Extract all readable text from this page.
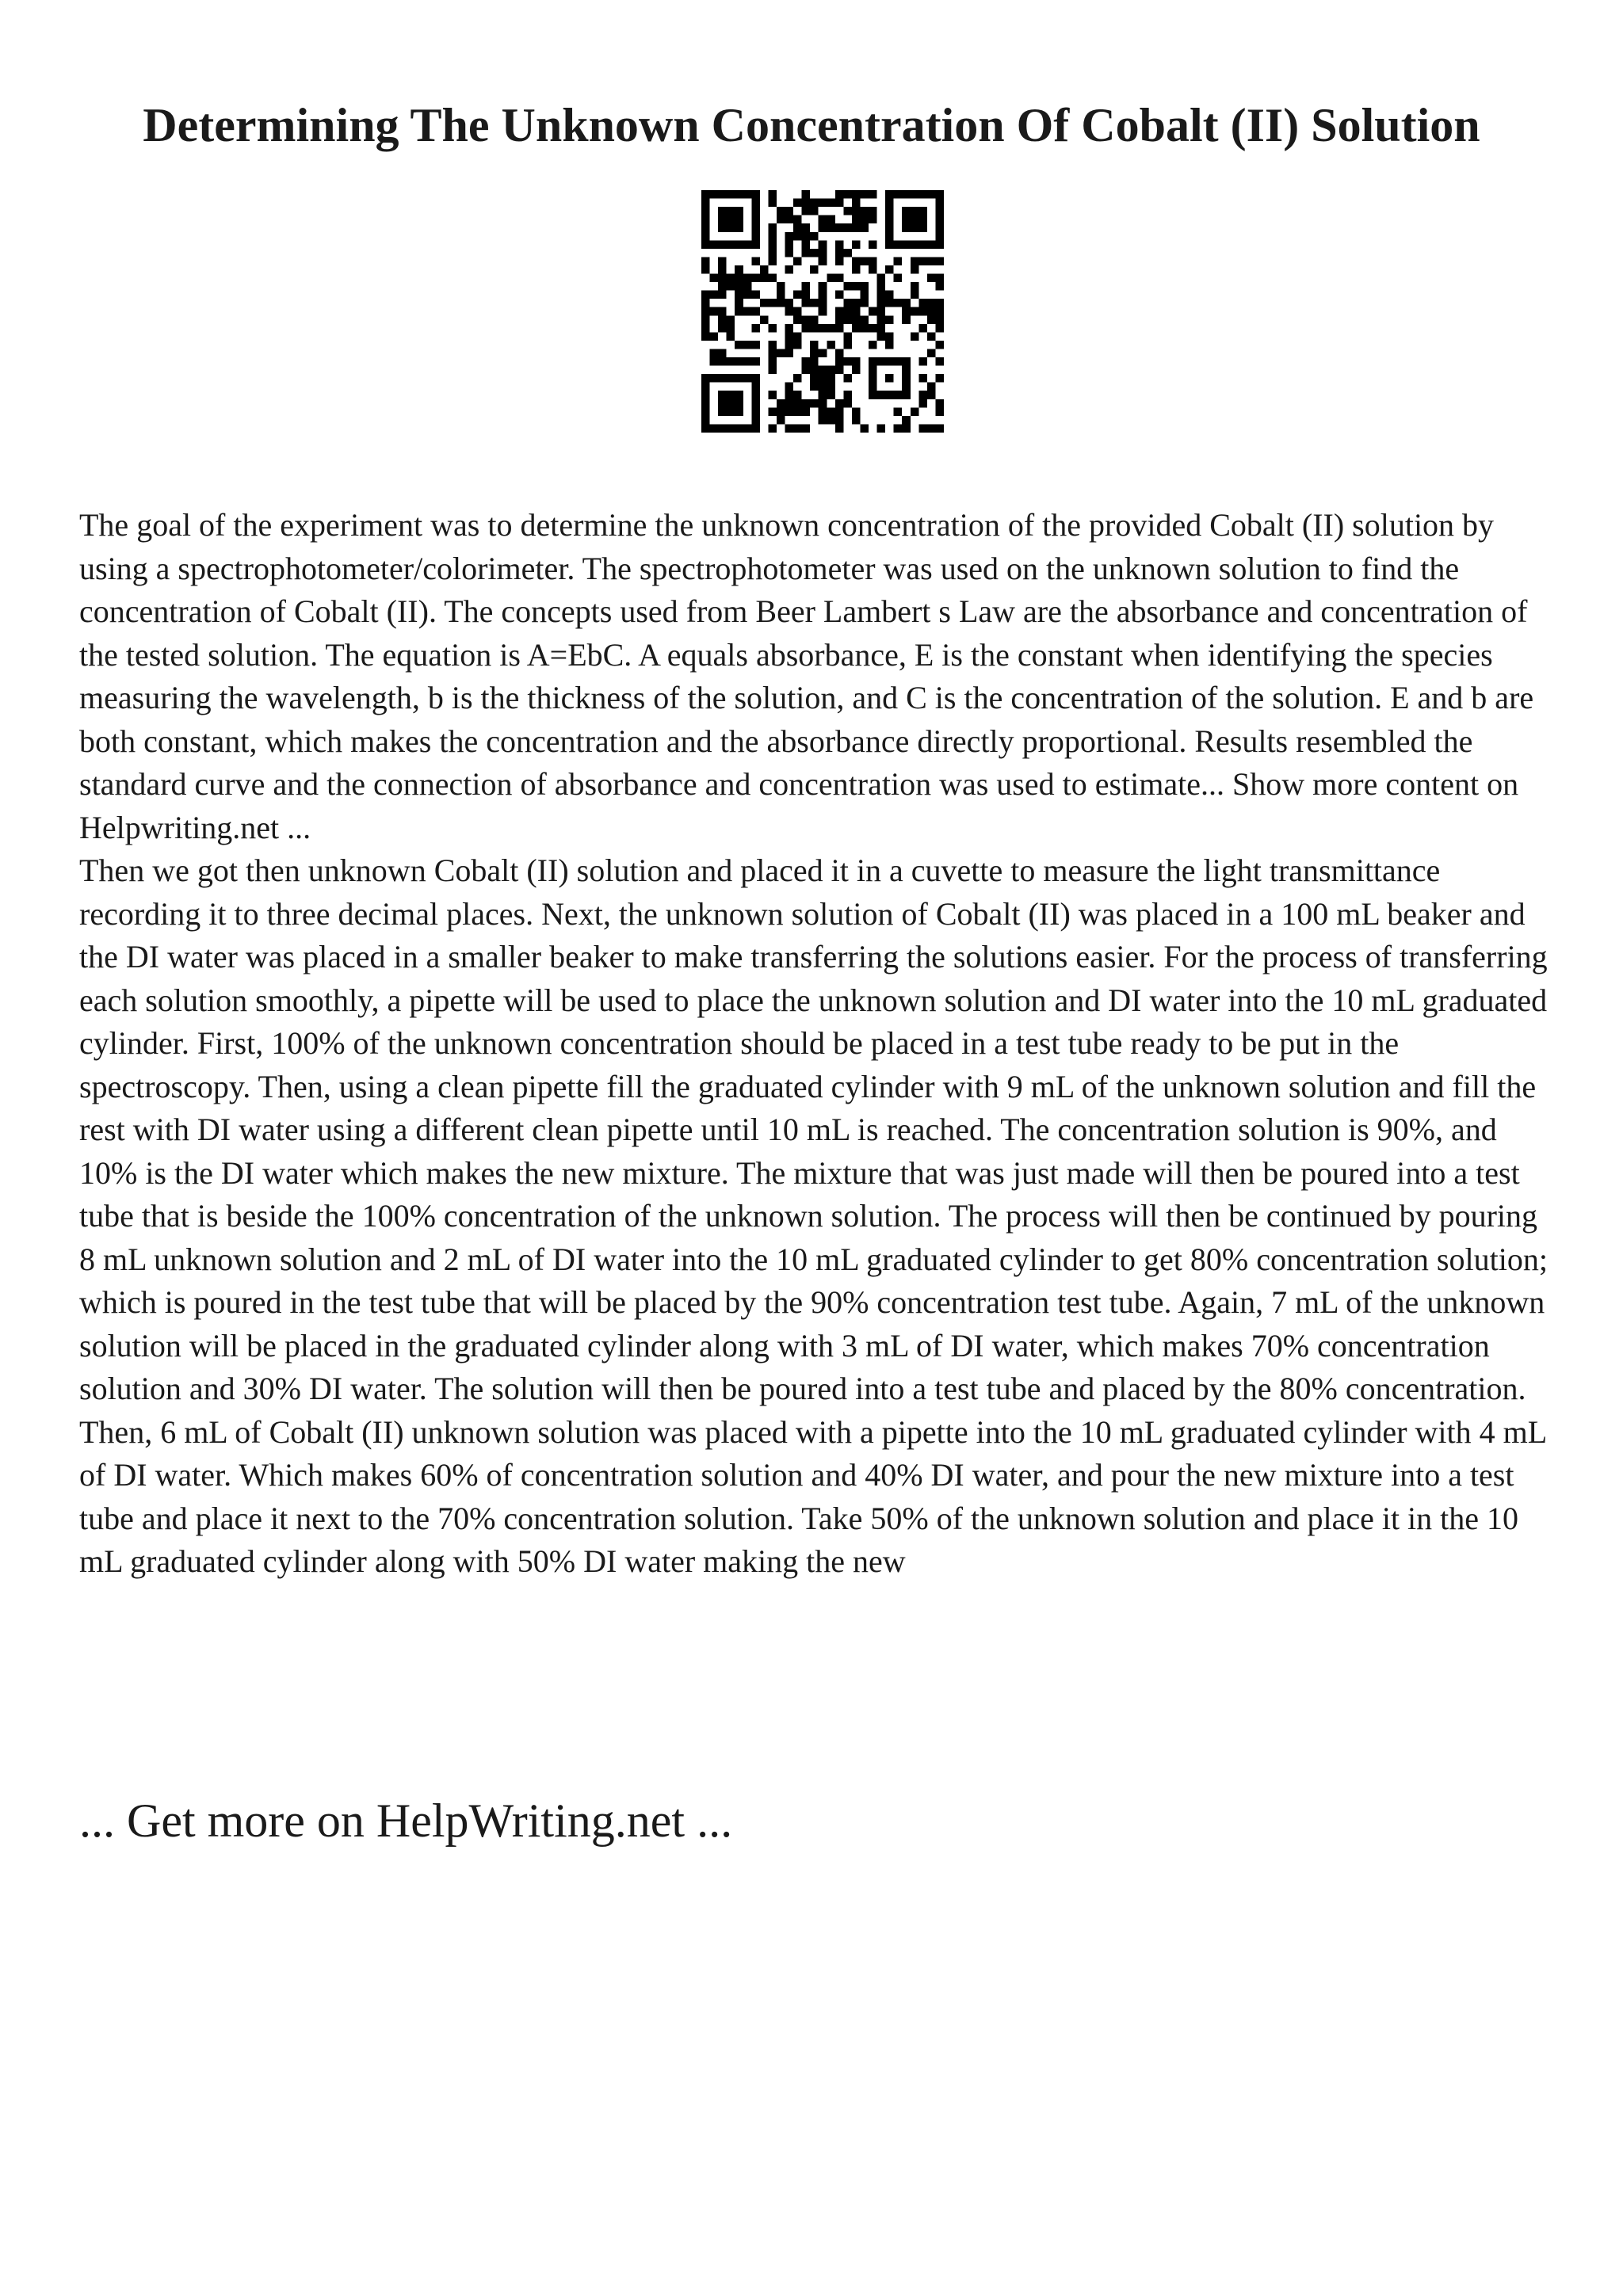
Determining The Unknown Concentration Of Cobalt (II) Solution

The goal of the experiment was to determine the unknown concentration of the provided Cobalt (II) solution by using a spectrophotometer/colorimeter. The spectrophotometer was used on the unknown solution to find the concentration of Cobalt (II). The concepts used from Beer Lambert s Law are the absorbance and concentration of the tested solution. The equation is A=EbC. A equals absorbance, E is the constant when identifying the species measuring the wavelength, b is the thickness of the solution, and C is the concentration of the solution. E and b are both constant, which makes the concentration and the absorbance directly proportional. Results resembled the standard curve and the connection of absorbance and concentration was used to estimate... Show more content on Helpwriting.net ...

Then we got then unknown Cobalt (II) solution and placed it in a cuvette to measure the light transmittance recording it to three decimal places. Next, the unknown solution of Cobalt (II) was placed in a 100 mL beaker and the DI water was placed in a smaller beaker to make transferring the solutions easier. For the process of transferring each solution smoothly, a pipette will be used to place the unknown solution and DI water into the 10 mL graduated cylinder. First, 100% of the unknown concentration should be placed in a test tube ready to be put in the spectroscopy. Then, using a clean pipette fill the graduated cylinder with 9 mL of the unknown solution and fill the rest with DI water using a different clean pipette until 10 mL is reached. The concentration solution is 90%, and 10% is the DI water which makes the new mixture. The mixture that was just made will then be poured into a test tube that is beside the 100% concentration of the unknown solution. The process will then be continued by pouring 8 mL unknown solution and 2 mL of DI water into the 10 mL graduated cylinder to get 80% concentration solution; which is poured in the test tube that will be placed by the 90% concentration test tube. Again, 7 mL of the unknown solution will be placed in the graduated cylinder along with 3 mL of DI water, which makes 70% concentration solution and 30% DI water. The solution will then be poured into a test tube and placed by the 80% concentration. Then, 6 mL of Cobalt (II) unknown solution was placed with a pipette into the 10 mL graduated cylinder with 4 mL of DI water. Which makes 60% of concentration solution and 40% DI water, and pour the new mixture into a test tube and place it next to the 70% concentration solution. Take 50% of the unknown solution and place it in the 10 mL graduated cylinder along with 50% DI water making the new

... Get more on HelpWriting.net ...
